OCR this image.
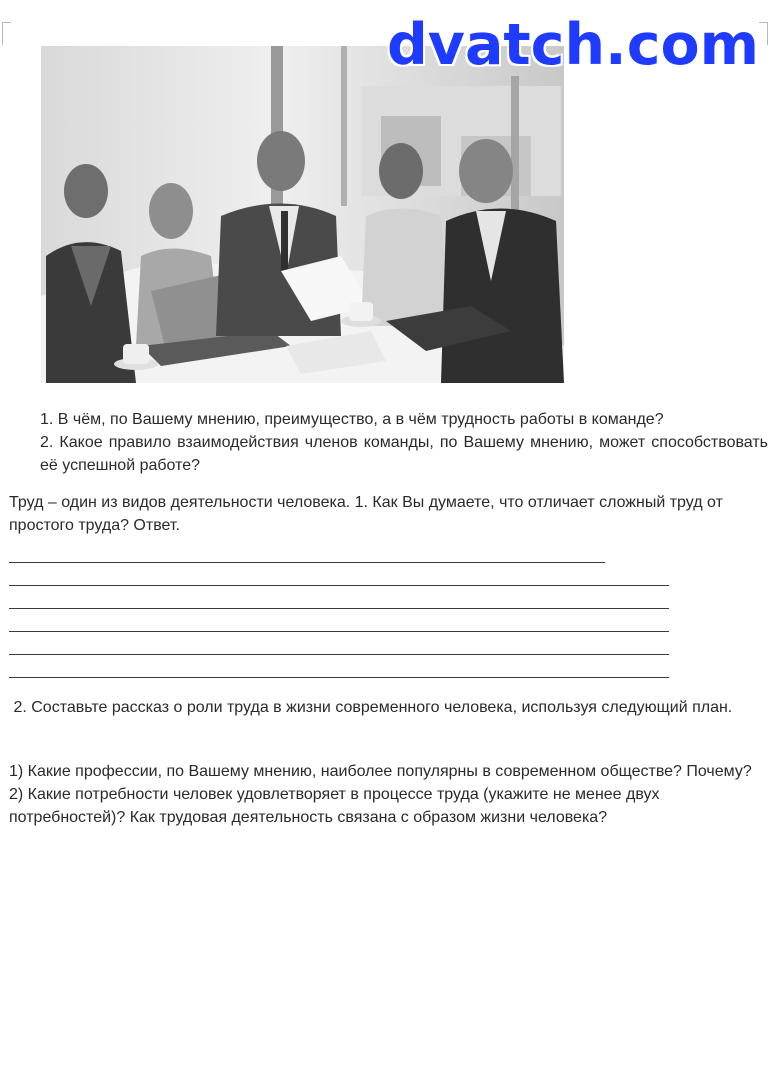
dvatch.com

1. В чём, по Вашему мнению, преимущество, а в чём трудность работы в команде?

2. Какое правило взаимодействия членов команды, по Вашему мнению, может способствовать её успешной работе?

Труд – один из видов деятельности человека. 1. Как Вы думаете, что отличает сложный труд от простого труда? Ответ.

2. Составьте рассказ о роли труда в жизни современного человека, используя следующий план.

1) Какие профессии, по Вашему мнению, наиболее популярны в современном обществе? Почему? 2) Какие потребности человек удовлетворяет в процессе труда (укажите не менее двух потребностей)? Как трудовая деятельность связана с образом жизни человека?
